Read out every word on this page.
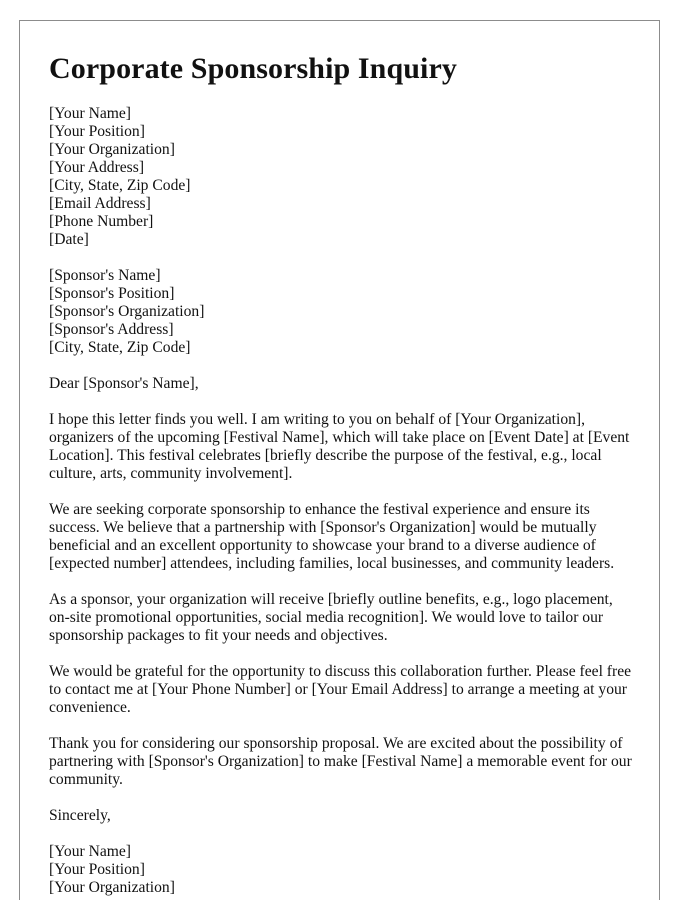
Corporate Sponsorship Inquiry
[Your Name]
[Your Position]
[Your Organization]
[Your Address]
[City, State, Zip Code]
[Email Address]
[Phone Number]
[Date]
[Sponsor's Name]
[Sponsor's Position]
[Sponsor's Organization]
[Sponsor's Address]
[City, State, Zip Code]

Dear [Sponsor's Name],

I hope this letter finds you well. I am writing to you on behalf of [Your Organization], organizers of the upcoming [Festival Name], which will take place on [Event Date] at [Event Location]. This festival celebrates [briefly describe the purpose of the festival, e.g., local culture, arts, community involvement].

We are seeking corporate sponsorship to enhance the festival experience and ensure its success. We believe that a partnership with [Sponsor's Organization] would be mutually beneficial and an excellent opportunity to showcase your brand to a diverse audience of [expected number] attendees, including families, local businesses, and community leaders.

As a sponsor, your organization will receive [briefly outline benefits, e.g., logo placement, on-site promotional opportunities, social media recognition]. We would love to tailor our sponsorship packages to fit your needs and objectives.

We would be grateful for the opportunity to discuss this collaboration further. Please feel free to contact me at [Your Phone Number] or [Your Email Address] to arrange a meeting at your convenience.

Thank you for considering our sponsorship proposal. We are excited about the possibility of partnering with [Sponsor's Organization] to make [Festival Name] a memorable event for our community.

Sincerely,

[Your Name]
[Your Position]
[Your Organization]
